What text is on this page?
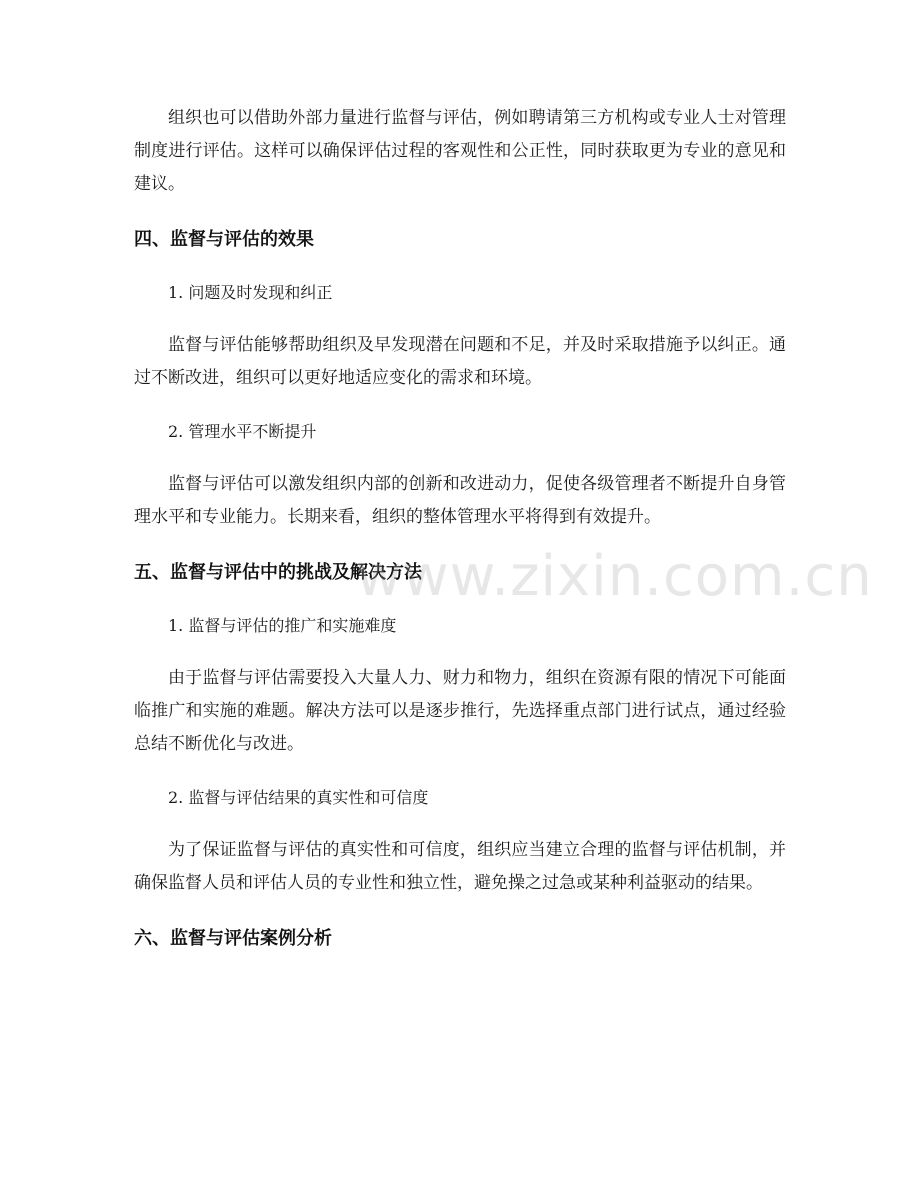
组织也可以借助外部力量进行监督与评估，例如聘请第三方机构或专业人士对管理制度进行评估。这样可以确保评估过程的客观性和公正性，同时获取更为专业的意见和建议。

四、监督与评估的效果

1. 问题及时发现和纠正

监督与评估能够帮助组织及早发现潜在问题和不足，并及时采取措施予以纠正。通过不断改进，组织可以更好地适应变化的需求和环境。

2. 管理水平不断提升

监督与评估可以激发组织内部的创新和改进动力，促使各级管理者不断提升自身管理水平和专业能力。长期来看，组织的整体管理水平将得到有效提升。

五、监督与评估中的挑战及解决方法

1. 监督与评估的推广和实施难度

由于监督与评估需要投入大量人力、财力和物力，组织在资源有限的情况下可能面临推广和实施的难题。解决方法可以是逐步推行，先选择重点部门进行试点，通过经验总结不断优化与改进。

2. 监督与评估结果的真实性和可信度

为了保证监督与评估的真实性和可信度，组织应当建立合理的监督与评估机制，并确保监督人员和评估人员的专业性和独立性，避免操之过急或某种利益驱动的结果。

六、监督与评估案例分析
www.zixin.com.cn
